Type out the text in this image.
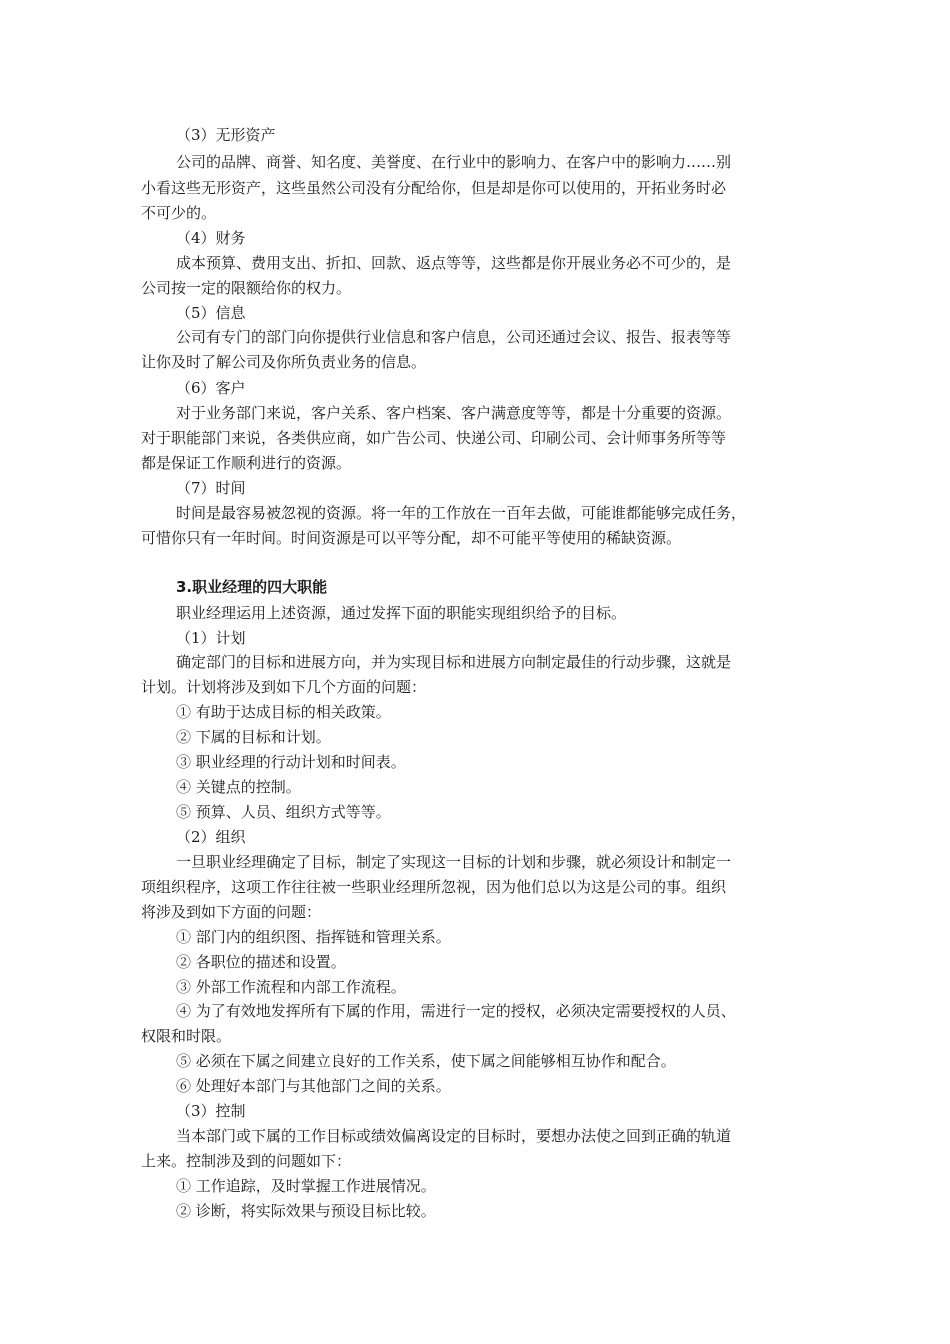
（3）无形资产
公司的品牌、商誉、知名度、美誉度、在行业中的影响力、在客户中的影响力……别
小看这些无形资产，这些虽然公司没有分配给你，但是却是你可以使用的，开拓业务时必
不可少的。
（4）财务
成本预算、费用支出、折扣、回款、返点等等，这些都是你开展业务必不可少的，是
公司按一定的限额给你的权力。
（5）信息
公司有专门的部门向你提供行业信息和客户信息，公司还通过会议、报告、报表等等
让你及时了解公司及你所负责业务的信息。
（6）客户
对于业务部门来说，客户关系、客户档案、客户满意度等等，都是十分重要的资源。
对于职能部门来说，各类供应商，如广告公司、快递公司、印刷公司、会计师事务所等等
都是保证工作顺利进行的资源。
（7）时间
时间是最容易被忽视的资源。将一年的工作放在一百年去做，可能谁都能够完成任务，
可惜你只有一年时间。时间资源是可以平等分配，却不可能平等使用的稀缺资源。
3.职业经理的四大职能
职业经理运用上述资源，通过发挥下面的职能实现组织给予的目标。
（1）计划
确定部门的目标和进展方向，并为实现目标和进展方向制定最佳的行动步骤，这就是
计划。计划将涉及到如下几个方面的问题：
① 有助于达成目标的相关政策。
② 下属的目标和计划。
③ 职业经理的行动计划和时间表。
④ 关键点的控制。
⑤ 预算、人员、组织方式等等。
（2）组织
一旦职业经理确定了目标，制定了实现这一目标的计划和步骤，就必须设计和制定一
项组织程序，这项工作往往被一些职业经理所忽视，因为他们总以为这是公司的事。组织
将涉及到如下方面的问题：
① 部门内的组织图、指挥链和管理关系。
② 各职位的描述和设置。
③ 外部工作流程和内部工作流程。
④ 为了有效地发挥所有下属的作用，需进行一定的授权，必须决定需要授权的人员、
权限和时限。
⑤ 必须在下属之间建立良好的工作关系，使下属之间能够相互协作和配合。
⑥ 处理好本部门与其他部门之间的关系。
（3）控制
当本部门或下属的工作目标或绩效偏离设定的目标时，要想办法使之回到正确的轨道
上来。控制涉及到的问题如下：
① 工作追踪，及时掌握工作进展情况。
② 诊断，将实际效果与预设目标比较。
